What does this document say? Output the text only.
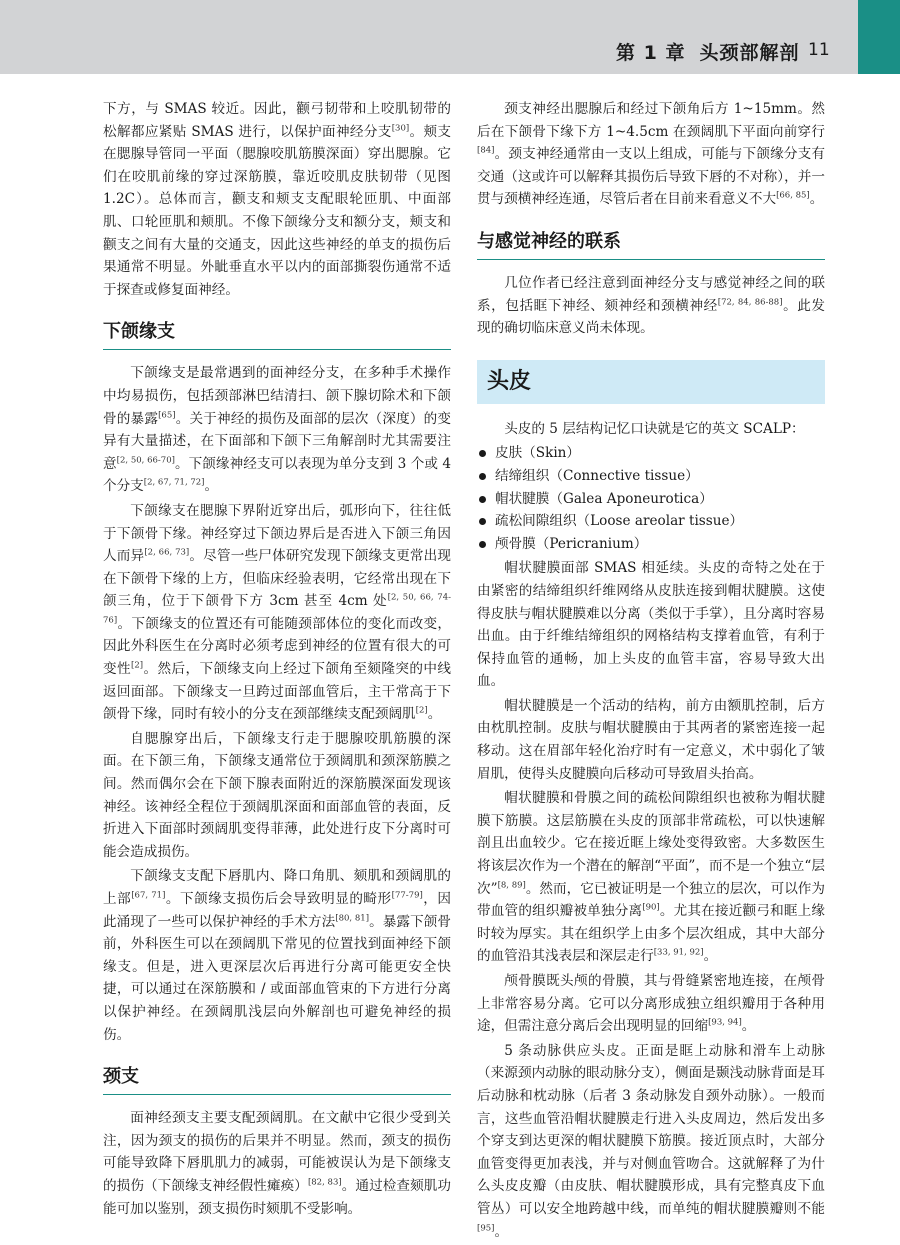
第 1 章 头颈部解剖 11

下方，与 SMAS 较近。因此，颧弓韧带和上咬肌韧带的松解都应紧贴 SMAS 进行，以保护面神经分支[30]。颊支在腮腺导管同一平面（腮腺咬肌筋膜深面）穿出腮腺。它们在咬肌前缘的穿过深筋膜，靠近咬肌皮肤韧带（见图 1.2C）。总体而言，颧支和颊支支配眼轮匝肌、中面部肌、口轮匝肌和颊肌。不像下颌缘分支和额分支，颊支和颧支之间有大量的交通支，因此这些神经的单支的损伤后果通常不明显。外眦垂直水平以内的面部撕裂伤通常不适于探查或修复面神经。

下颌缘支

下颌缘支是最常遇到的面神经分支，在多种手术操作中均易损伤，包括颈部淋巴结清扫、颌下腺切除术和下颌骨的暴露[65]。关于神经的损伤及面部的层次（深度）的变异有大量描述，在下面部和下颌下三角解剖时尤其需要注意[2, 50, 66-70]。下颌缘神经支可以表现为单分支到 3 个或 4 个分支[2, 67, 71, 72]。

下颌缘支在腮腺下界附近穿出后，弧形向下，往往低于下颌骨下缘。神经穿过下颌边界后是否进入下颌三角因人而异[2, 66, 73]。尽管一些尸体研究发现下颌缘支更常出现在下颌骨下缘的上方，但临床经验表明，它经常出现在下颌三角，位于下颌骨下方 3cm 甚至 4cm 处[2, 50, 66, 74-76]。下颌缘支的位置还有可能随颈部体位的变化而改变，因此外科医生在分离时必须考虑到神经的位置有很大的可变性[2]。然后，下颌缘支向上经过下颌角至颏隆突的中线返回面部。下颌缘支一旦跨过面部血管后，主干常高于下颌骨下缘，同时有较小的分支在颈部继续支配颈阔肌[2]。

自腮腺穿出后，下颌缘支行走于腮腺咬肌筋膜的深面。在下颌三角，下颌缘支通常位于颈阔肌和颈深筋膜之间。然而偶尔会在下颌下腺表面附近的深筋膜深面发现该神经。该神经全程位于颈阔肌深面和面部血管的表面，反折进入下面部时颈阔肌变得菲薄，此处进行皮下分离时可能会造成损伤。

下颌缘支支配下唇肌内、降口角肌、颏肌和颈阔肌的上部[67, 71]。下颌缘支损伤后会导致明显的畸形[77-79]，因此涌现了一些可以保护神经的手术方法[80, 81]。暴露下颌骨前，外科医生可以在颈阔肌下常见的位置找到面神经下颌缘支。但是，进入更深层次后再进行分离可能更安全快捷，可以通过在深筋膜和 / 或面部血管束的下方进行分离以保护神经。在颈阔肌浅层向外解剖也可避免神经的损伤。

颈支

面神经颈支主要支配颈阔肌。在文献中它很少受到关注，因为颈支的损伤的后果并不明显。然而，颈支的损伤可能导致降下唇肌肌力的减弱，可能被误认为是下颌缘支的损伤（下颌缘支神经假性瘫痪）[82, 83]。通过检查颏肌功能可加以鉴别，颈支损伤时颏肌不受影响。

颈支神经出腮腺后和经过下颌角后方 1~15mm。然后在下颌骨下缘下方 1~4.5cm 在颈阔肌下平面向前穿行[84]。颈支神经通常由一支以上组成，可能与下颌缘分支有交通（这或许可以解释其损伤后导致下唇的不对称），并一贯与颈横神经连通，尽管后者在目前来看意义不大[66, 85]。

与感觉神经的联系

几位作者已经注意到面神经分支与感觉神经之间的联系，包括眶下神经、颏神经和颈横神经[72, 84, 86-88]。此发现的确切临床意义尚未体现。

头皮

头皮的 5 层结构记忆口诀就是它的英文 SCALP：

皮肤（Skin）
结缔组织（Connective tissue）
帽状腱膜（Galea Aponeurotica）
疏松间隙组织（Loose areolar tissue）
颅骨膜（Pericranium）

帽状腱膜面部 SMAS 相延续。头皮的奇特之处在于由紧密的结缔组织纤维网络从皮肤连接到帽状腱膜。这使得皮肤与帽状腱膜难以分离（类似于手掌），且分离时容易出血。由于纤维结缔组织的网格结构支撑着血管，有利于保持血管的通畅，加上头皮的血管丰富，容易导致大出血。

帽状腱膜是一个活动的结构，前方由额肌控制，后方由枕肌控制。皮肤与帽状腱膜由于其两者的紧密连接一起移动。这在眉部年轻化治疗时有一定意义，术中弱化了皱眉肌，使得头皮腱膜向后移动可导致眉头抬高。

帽状腱膜和骨膜之间的疏松间隙组织也被称为帽状腱膜下筋膜。这层筋膜在头皮的顶部非常疏松，可以快速解剖且出血较少。它在接近眶上缘处变得致密。大多数医生将该层次作为一个潜在的解剖“平面”，而不是一个独立“层次”[8, 89]。然而，它已被证明是一个独立的层次，可以作为带血管的组织瓣被单独分离[90]。尤其在接近颧弓和眶上缘时较为厚实。其在组织学上由多个层次组成，其中大部分的血管沿其浅表层和深层走行[33, 91, 92]。

颅骨膜既头颅的骨膜，其与骨缝紧密地连接，在颅骨上非常容易分离。它可以分离形成独立组织瓣用于各种用途，但需注意分离后会出现明显的回缩[93, 94]。

5 条动脉供应头皮。正面是眶上动脉和滑车上动脉（来源颈内动脉的眼动脉分支），侧面是颞浅动脉背面是耳后动脉和枕动脉（后者 3 条动脉发自颈外动脉）。一般而言，这些血管沿帽状腱膜走行进入头皮周边，然后发出多个穿支到达更深的帽状腱膜下筋膜。接近顶点时，大部分血管变得更加表浅，并与对侧血管吻合。这就解释了为什么头皮皮瓣（由皮肤、帽状腱膜形成，具有完整真皮下血管丛）可以安全地跨越中线，而单纯的帽状腱膜瓣则不能[95]。
